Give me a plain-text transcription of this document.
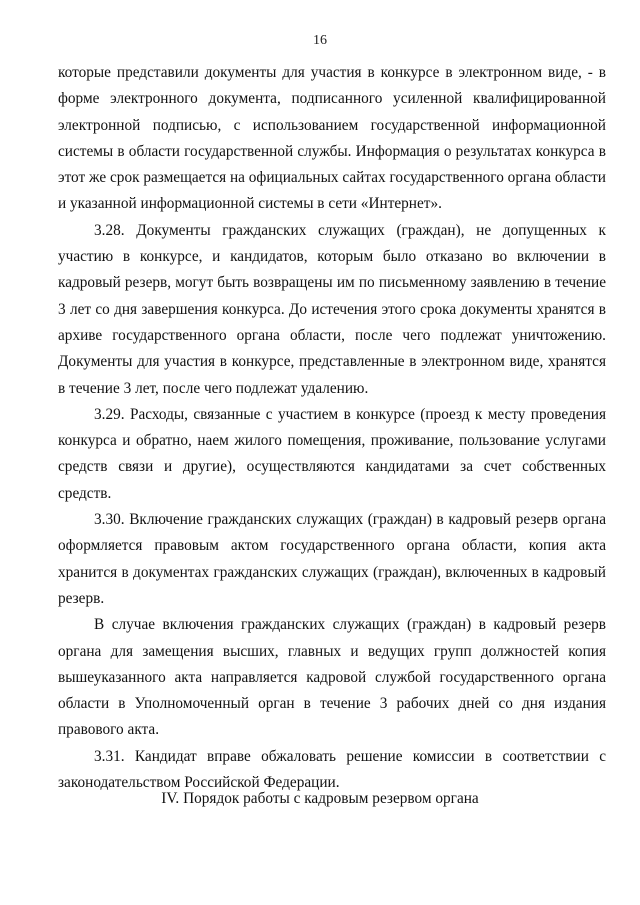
16

которые представили документы для участия в конкурсе в электронном виде, - в форме электронного документа, подписанного усиленной квалифицированной электронной подписью, с использованием государственной информационной системы в области государственной службы. Информация о результатах конкурса в этот же срок размещается на официальных сайтах государственного органа области и указанной информационной системы в сети «Интернет».

3.28. Документы гражданских служащих (граждан), не допущенных к участию в конкурсе, и кандидатов, которым было отказано во включении в кадровый резерв, могут быть возвращены им по письменному заявлению в течение 3 лет со дня завершения конкурса. До истечения этого срока документы хранятся в архиве государственного органа области, после чего подлежат уничтожению. Документы для участия в конкурсе, представленные в электронном виде, хранятся в течение 3 лет, после чего подлежат удалению.

3.29. Расходы, связанные с участием в конкурсе (проезд к месту проведения конкурса и обратно, наем жилого помещения, проживание, пользование услугами средств связи и другие), осуществляются кандидатами за счет собственных средств.

3.30. Включение гражданских служащих (граждан) в кадровый резерв органа оформляется правовым актом государственного органа области, копия акта хранится в документах гражданских служащих (граждан), включенных в кадровый резерв.

В случае включения гражданских служащих (граждан) в кадровый резерв органа для замещения высших, главных и ведущих групп должностей копия вышеуказанного акта направляется кадровой службой государственного органа области в Уполномоченный орган в течение 3 рабочих дней со дня издания правового акта.

3.31. Кандидат вправе обжаловать решение комиссии в соответствии с законодательством Российской Федерации.

IV. Порядок работы с кадровым резервом органа
